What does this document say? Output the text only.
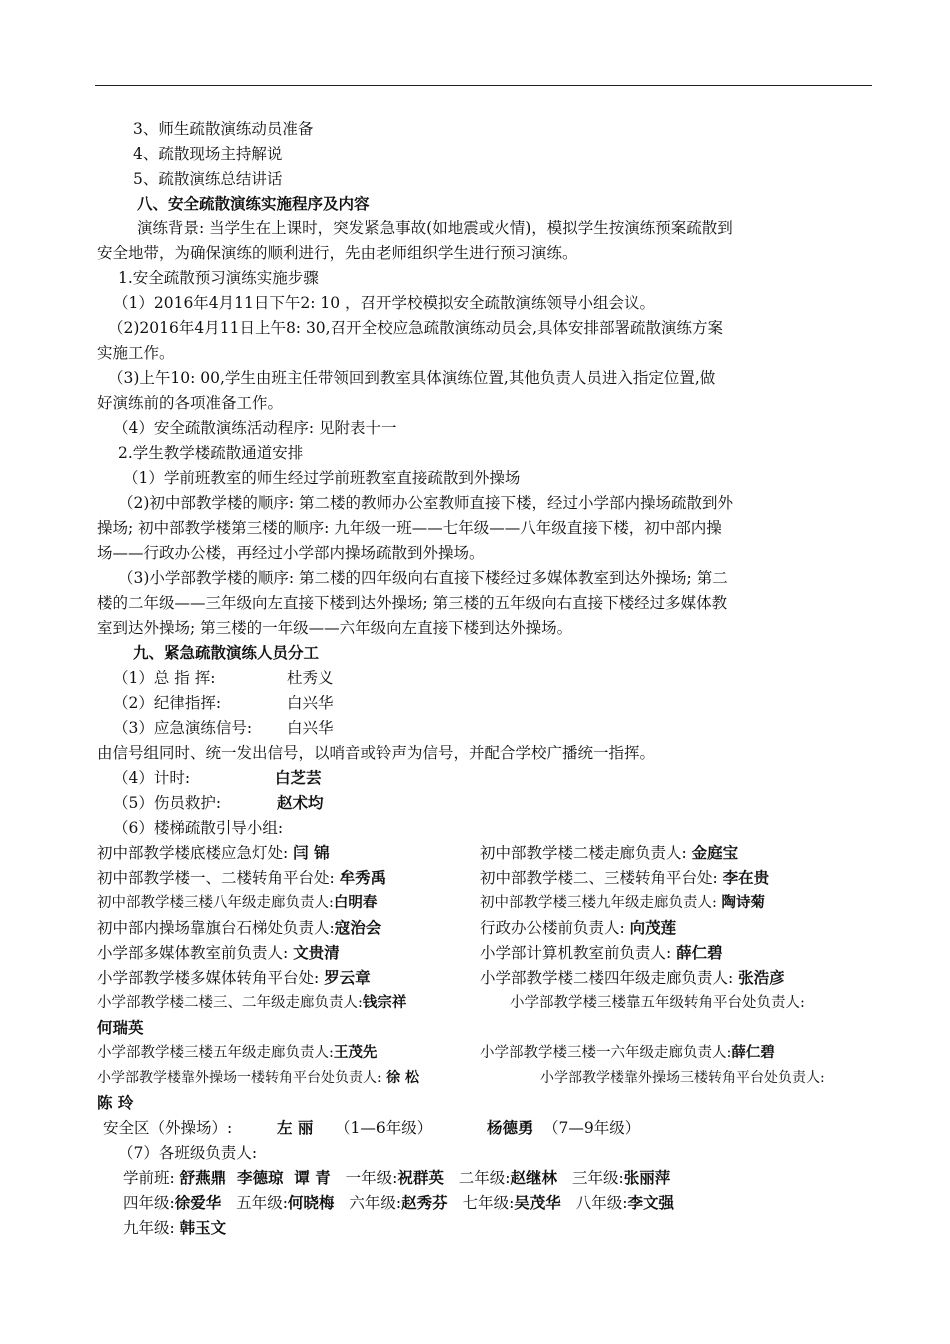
3、师生疏散演练动员准备
4、疏散现场主持解说
5、疏散演练总结讲话
八、安全疏散演练实施程序及内容
演练背景: 当学生在上课时，突发紧急事故(如地震或火情)，模拟学生按演练预案疏散到
安全地带，为确保演练的顺利进行，先由老师组织学生进行预习演练。
1.安全疏散预习演练实施步骤
（1）2016年4月11日下午2: 10 ，召开学校模拟安全疏散演练领导小组会议。
（2)2016年4月11日上午8: 30,召开全校应急疏散演练动员会,具体安排部署疏散演练方案
实施工作。
（3)上午10: 00,学生由班主任带领回到教室具体演练位置,其他负责人员进入指定位置,做
好演练前的各项准备工作。
（4）安全疏散演练活动程序: 见附表十一
2.学生教学楼疏散通道安排
（1）学前班教室的师生经过学前班教室直接疏散到外操场
（2)初中部教学楼的顺序: 第二楼的教师办公室教师直接下楼，经过小学部内操场疏散到外
操场; 初中部教学楼第三楼的顺序: 九年级一班——七年级——八年级直接下楼，初中部内操
场——行政办公楼，再经过小学部内操场疏散到外操场。
（3)小学部教学楼的顺序: 第二楼的四年级向右直接下楼经过多媒体教室到达外操场; 第二
楼的二年级——三年级向左直接下楼到达外操场; 第三楼的五年级向右直接下楼经过多媒体教
室到达外操场; 第三楼的一年级——六年级向左直接下楼到达外操场。
九、紧急疏散演练人员分工
（1）总 指 挥:	杜秀义
（2）纪律指挥:	白兴华
（3）应急演练信号: 白兴华
由信号组同时、统一发出信号，以哨音或铃声为信号，并配合学校广播统一指挥。
（4）计时:	白芝芸
（5）伤员救护:	赵术均
（6）楼梯疏散引导小组:
初中部教学楼底楼应急灯处: 闫 锦	初中部教学楼二楼走廊负责人: 金庭宝
初中部教学楼一、二楼转角平台处: 牟秀禹	初中部教学楼二、三楼转角平台处: 李在贵
初中部教学楼三楼八年级走廊负责人:白明春	初中部教学楼三楼九年级走廊负责人: 陶诗菊
初中部内操场靠旗台石梯处负责人:寇治会	行政办公楼前负责人: 向茂莲
小学部多媒体教室前负责人: 文贵清	小学部计算机教室前负责人: 薛仁碧
小学部教学楼多媒体转角平台处: 罗云章	小学部教学楼二楼四年级走廊负责人: 张浩彦
小学部教学楼二楼三、二年级走廊负责人:钱宗祥	小学部教学楼三楼靠五年级转角平台处负责人:
何瑞英
小学部教学楼三楼五年级走廊负责人:王茂先	小学部教学楼三楼一六年级走廊负责人:薛仁碧
小学部教学楼靠外操场一楼转角平台处负责人: 徐 松	小学部教学楼靠外操场三楼转角平台处负责人:
陈 玲
安全区（外操场）:	左 丽 （1—6年级）	杨德勇 （7—9年级）
（7）各班级负责人:
学前班: 舒燕鼎  李德琼  谭 青 一年级:祝群英 二年级:赵继林 三年级:张丽萍
四年级:徐爱华 五年级:何晓梅 六年级:赵秀芬 七年级:吴茂华 八年级:李文强
九年级: 韩玉文
